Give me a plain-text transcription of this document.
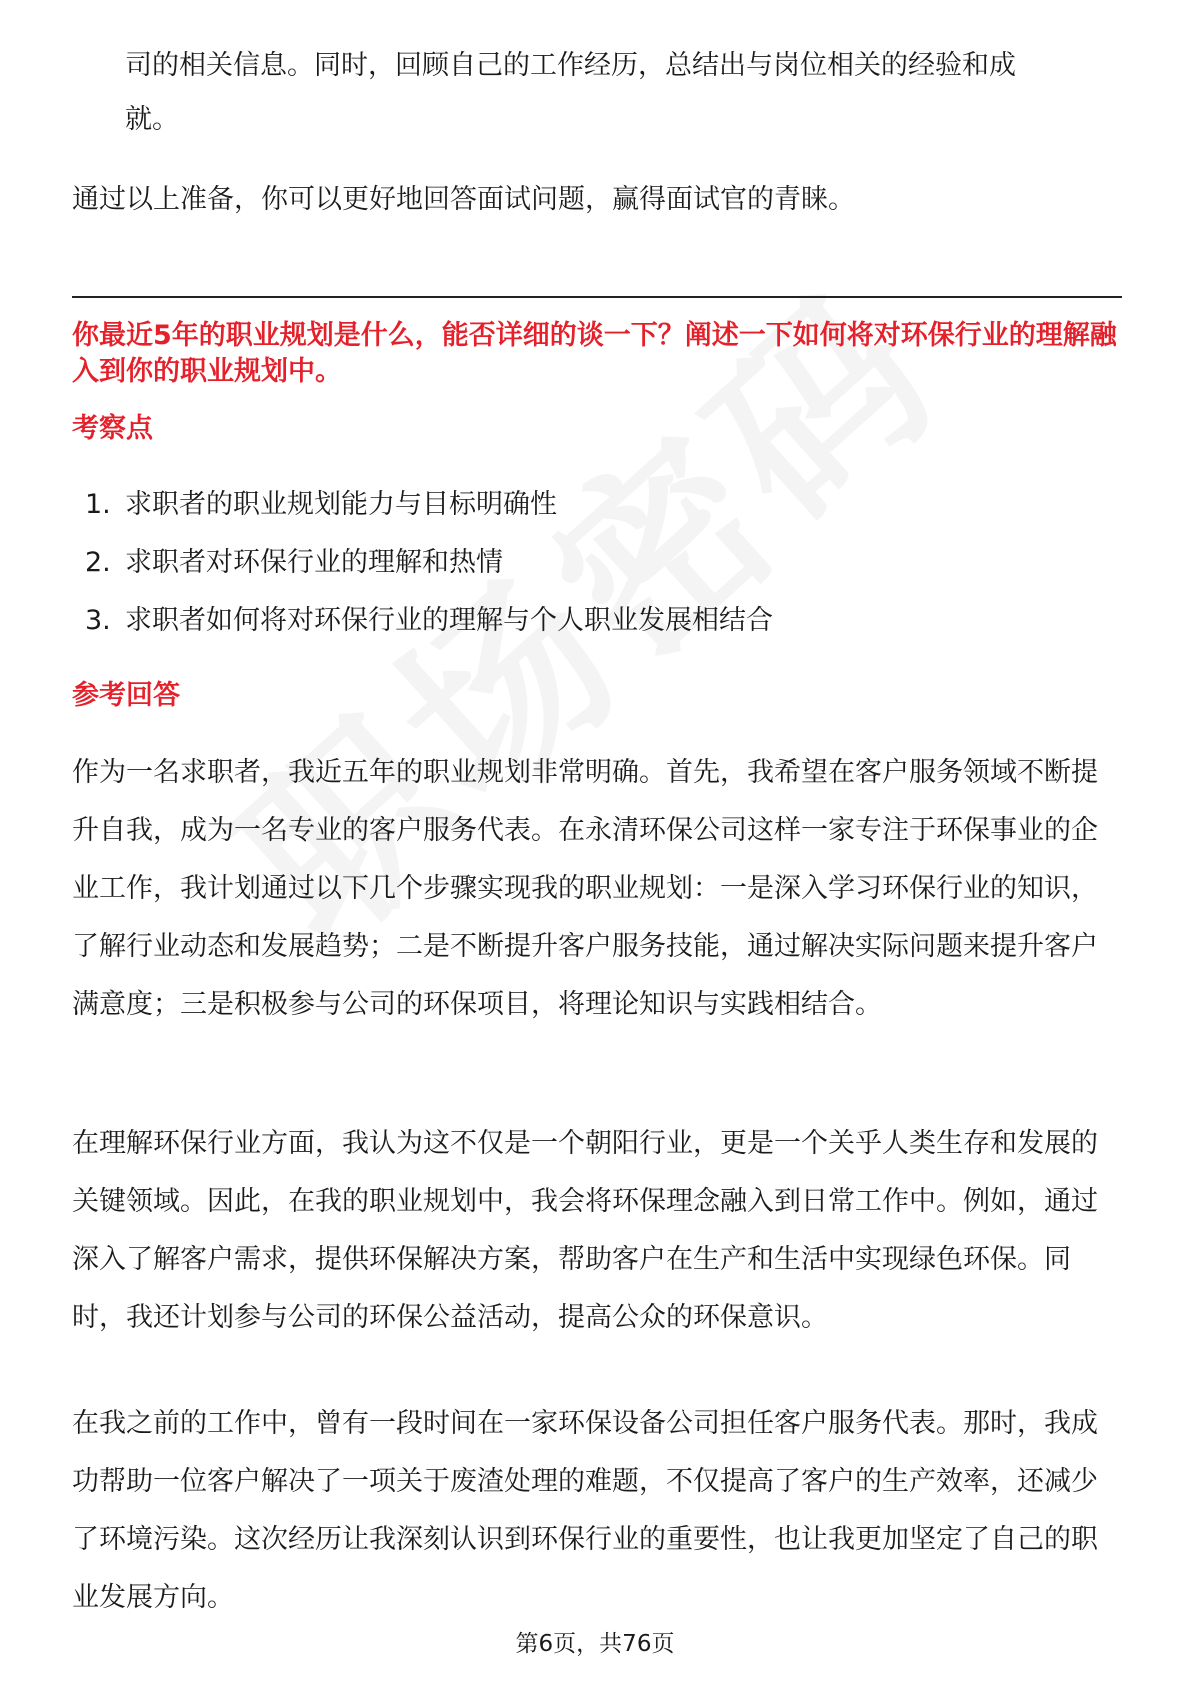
司的相关信息。同时，回顾自己的工作经历，总结出与岗位相关的经验和成

就。

通过以上准备，你可以更好地回答面试问题，赢得面试官的青睐。

你最近5年的职业规划是什么，能否详细的谈一下？阐述一下如何将对环保行业的理解融入到你的职业规划中。

考察点

1. 求职者的职业规划能力与目标明确性
2. 求职者对环保行业的理解和热情
3. 求职者如何将对环保行业的理解与个人职业发展相结合

参考回答

作为一名求职者，我近五年的职业规划非常明确。首先，我希望在客户服务领域不断提升自我，成为一名专业的客户服务代表。在永清环保公司这样一家专注于环保事业的企业工作，我计划通过以下几个步骤实现我的职业规划：一是深入学习环保行业的知识，了解行业动态和发展趋势；二是不断提升客户服务技能，通过解决实际问题来提升客户满意度；三是积极参与公司的环保项目，将理论知识与实践相结合。

在理解环保行业方面，我认为这不仅是一个朝阳行业，更是一个关乎人类生存和发展的关键领域。因此，在我的职业规划中，我会将环保理念融入到日常工作中。例如，通过深入了解客户需求，提供环保解决方案，帮助客户在生产和生活中实现绿色环保。同时，我还计划参与公司的环保公益活动，提高公众的环保意识。

在我之前的工作中，曾有一段时间在一家环保设备公司担任客户服务代表。那时，我成功帮助一位客户解决了一项关于废渣处理的难题，不仅提高了客户的生产效率，还减少了环境污染。这次经历让我深刻认识到环保行业的重要性，也让我更加坚定了自己的职业发展方向。

第6页，共76页
